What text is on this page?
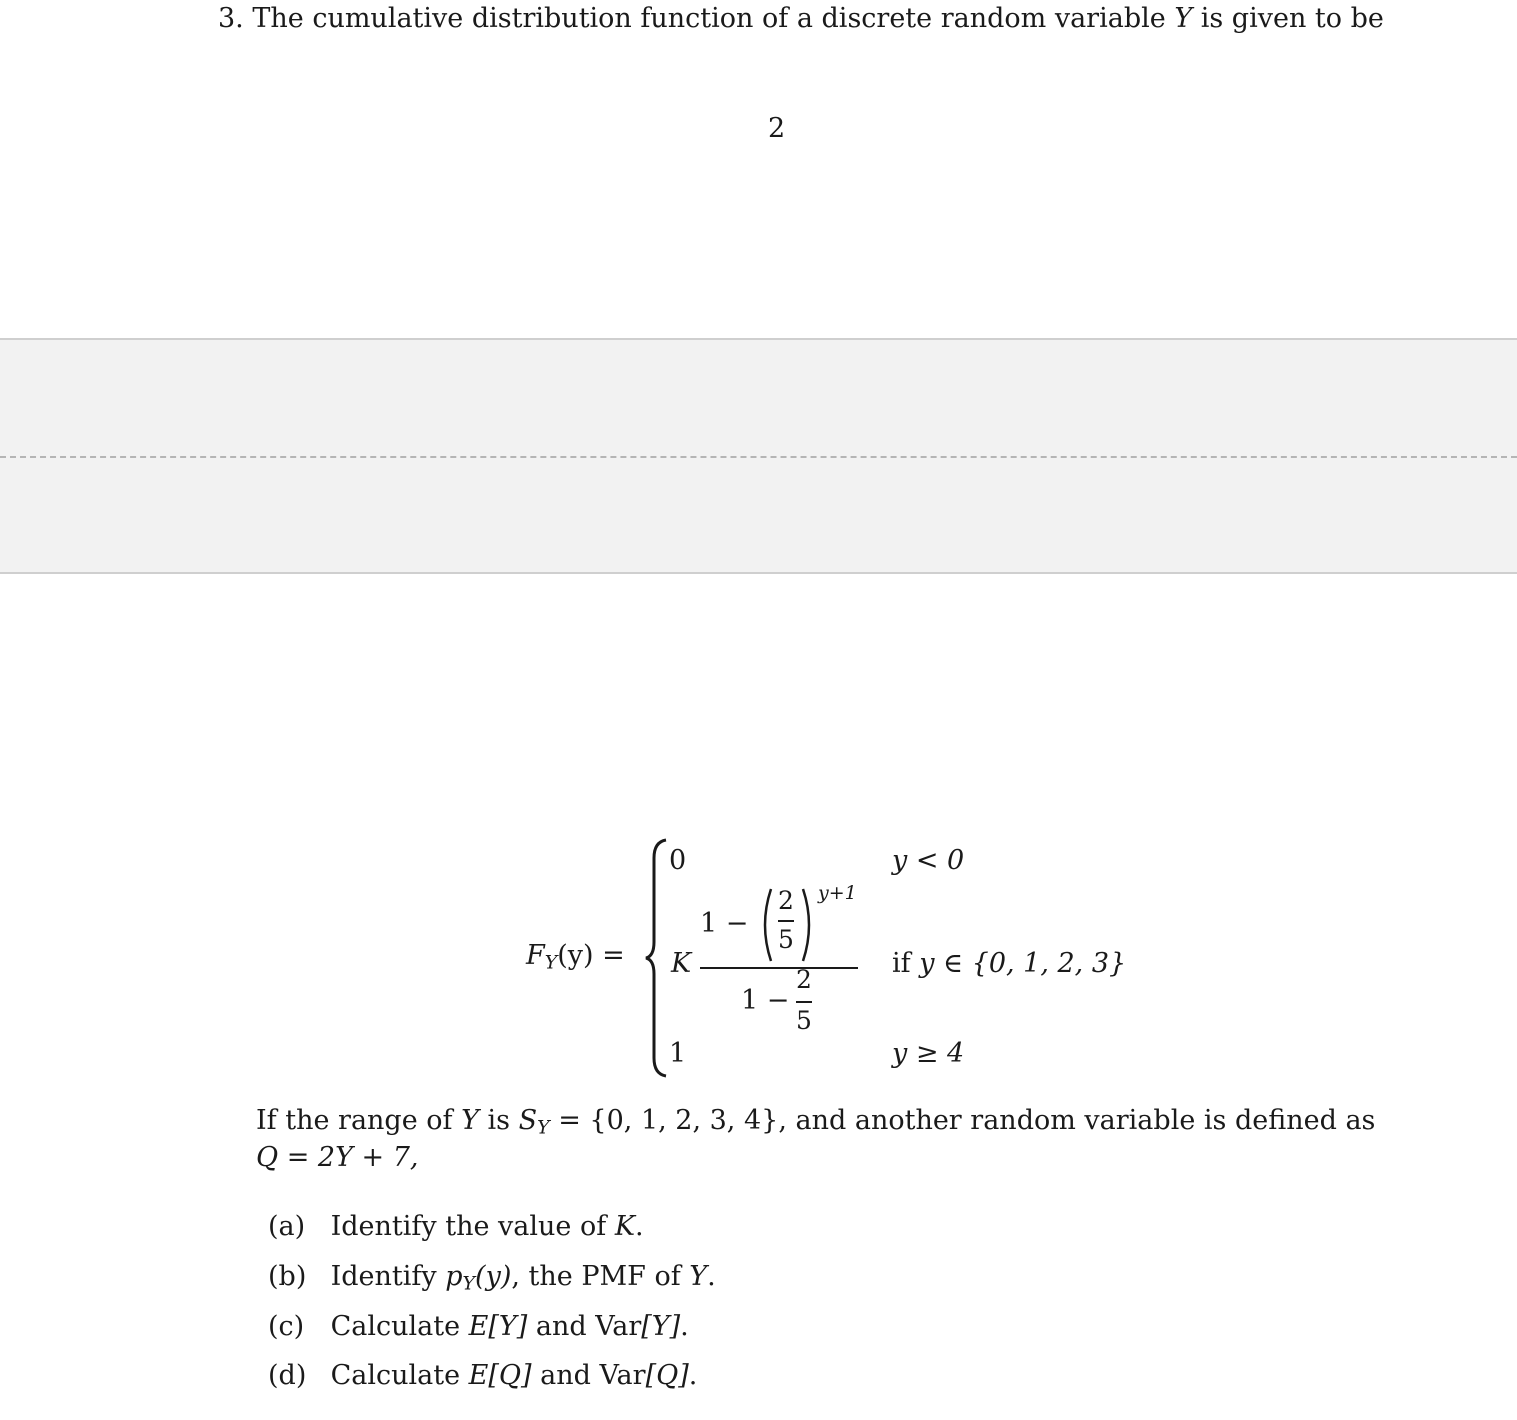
3. The cumulative distribution function of a discrete random variable Y is given to be
2
$F_Y(y)$ =
0	y < 0
K
1 −
2
5
y+1
1 −
2
5
if y ∈ {0, 1, 2, 3}
1	y ≥ 4
If the range of Y is $S_Y = \{0$, 1, 2, 3, 4}, and another random variable is defined as
Q = 2Y + 7,
(a) Identify the value of K.
(b) Identify $p_Y(y)$, the PMF of Y.
(c) Calculate E[Y] and Var[Y].
(d) Calculate E[Q] and Var[Q].
